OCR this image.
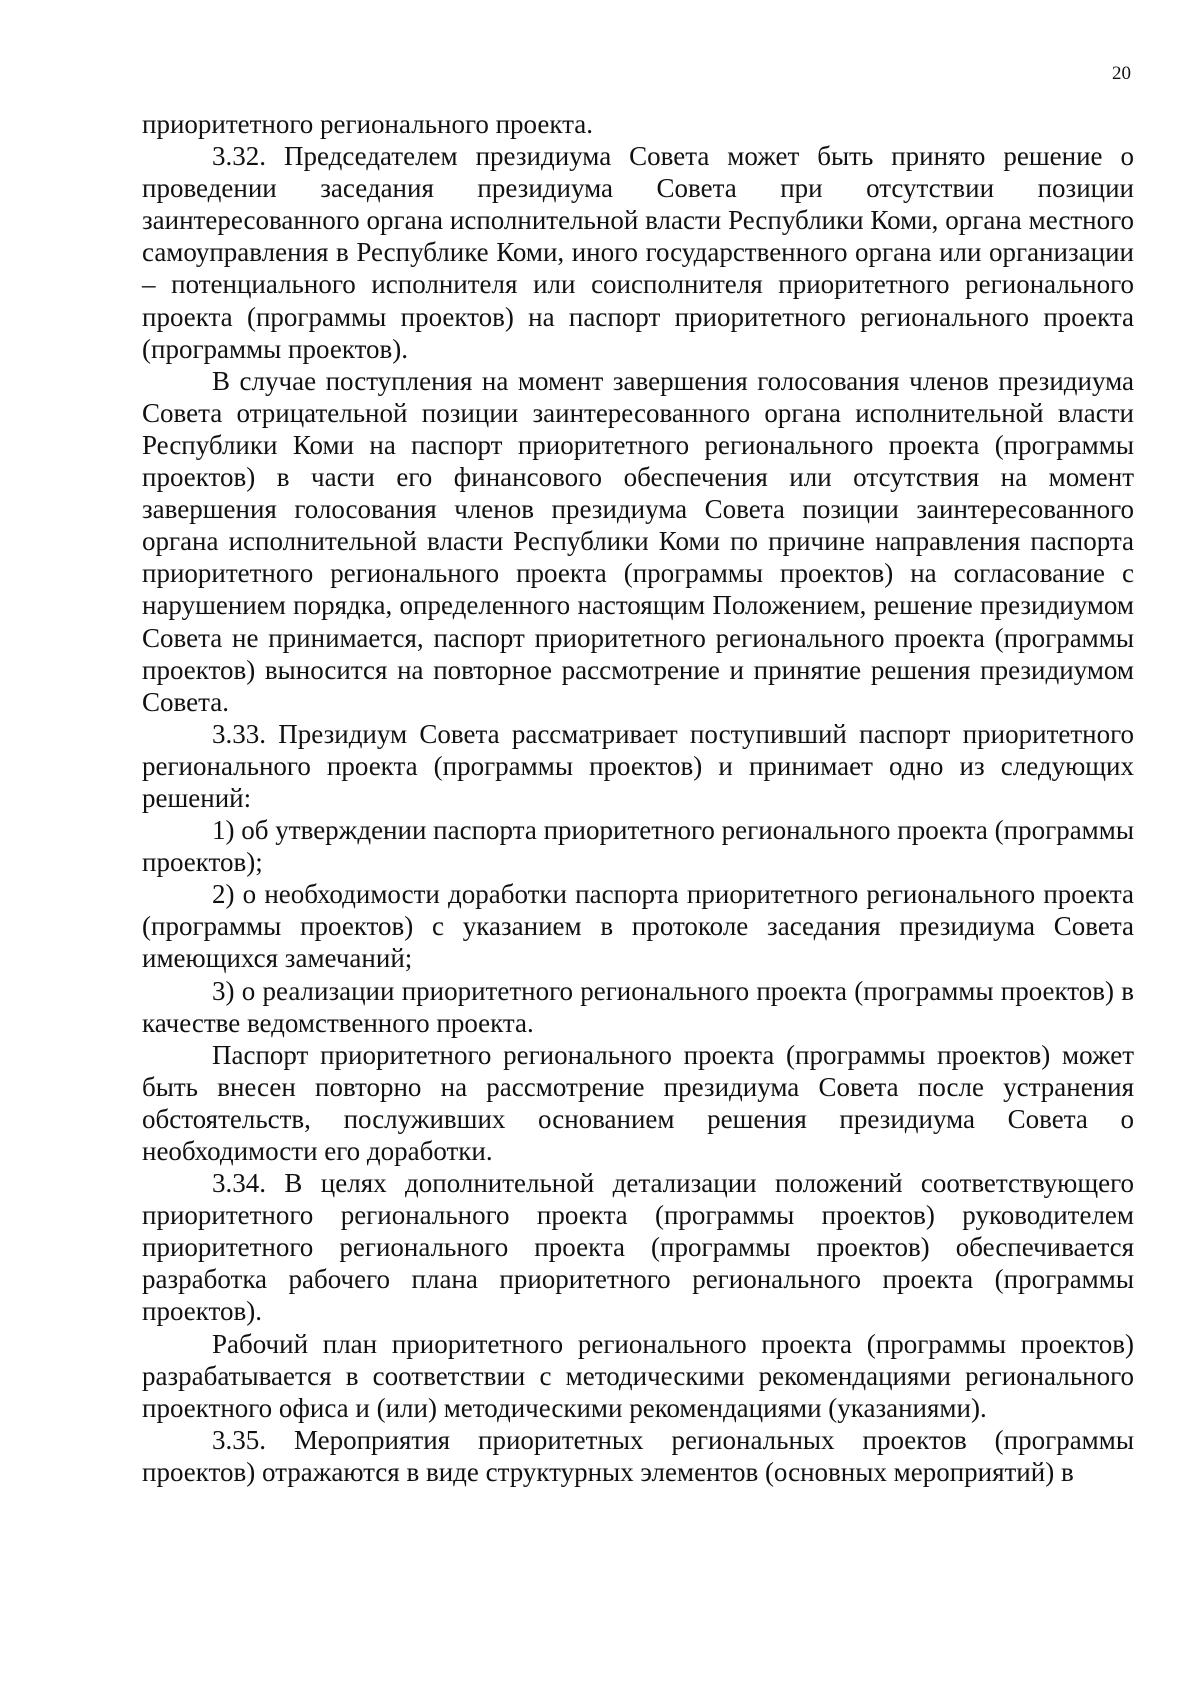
20

приоритетного регионального проекта.

3.32. Председателем президиума Совета может быть принято решение о проведении заседания президиума Совета при отсутствии позиции заинтересованного органа исполнительной власти Республики Коми, органа местного самоуправления в Республике Коми, иного государственного органа или организации – потенциального исполнителя или соисполнителя приоритетного регионального проекта (программы проектов) на паспорт приоритетного регионального проекта (программы проектов).

В случае поступления на момент завершения голосования членов президиума Совета отрицательной позиции заинтересованного органа исполнительной власти Республики Коми на паспорт приоритетного регионального проекта (программы проектов) в части его финансового обеспечения или отсутствия на момент завершения голосования членов президиума Совета позиции заинтересованного органа исполнительной власти Республики Коми по причине направления паспорта приоритетного регионального проекта (программы проектов) на согласование с нарушением порядка, определенного настоящим Положением, решение президиумом Совета не принимается, паспорт приоритетного регионального проекта (программы проектов) выносится на повторное рассмотрение и принятие решения президиумом Совета.

3.33. Президиум Совета рассматривает поступивший паспорт приоритетного регионального проекта (программы проектов) и принимает одно из следующих решений:

1) об утверждении паспорта приоритетного регионального проекта (программы проектов);

2) о необходимости доработки паспорта приоритетного регионального проекта (программы проектов) с указанием в протоколе заседания президиума Совета имеющихся замечаний;

3) о реализации приоритетного регионального проекта (программы проектов) в качестве ведомственного проекта.

Паспорт приоритетного регионального проекта (программы проектов) может быть внесен повторно на рассмотрение президиума Совета после устранения обстоятельств, послуживших основанием решения президиума Совета о необходимости его доработки.

3.34. В целях дополнительной детализации положений соответствующего приоритетного регионального проекта (программы проектов) руководителем приоритетного регионального проекта (программы проектов) обеспечивается разработка рабочего плана приоритетного регионального проекта (программы проектов).

Рабочий план приоритетного регионального проекта (программы проектов) разрабатывается в соответствии с методическими рекомендациями регионального проектного офиса и (или) методическими рекомендациями (указаниями).

3.35. Мероприятия приоритетных региональных проектов (программы проектов) отражаются в виде структурных элементов (основных мероприятий) в
